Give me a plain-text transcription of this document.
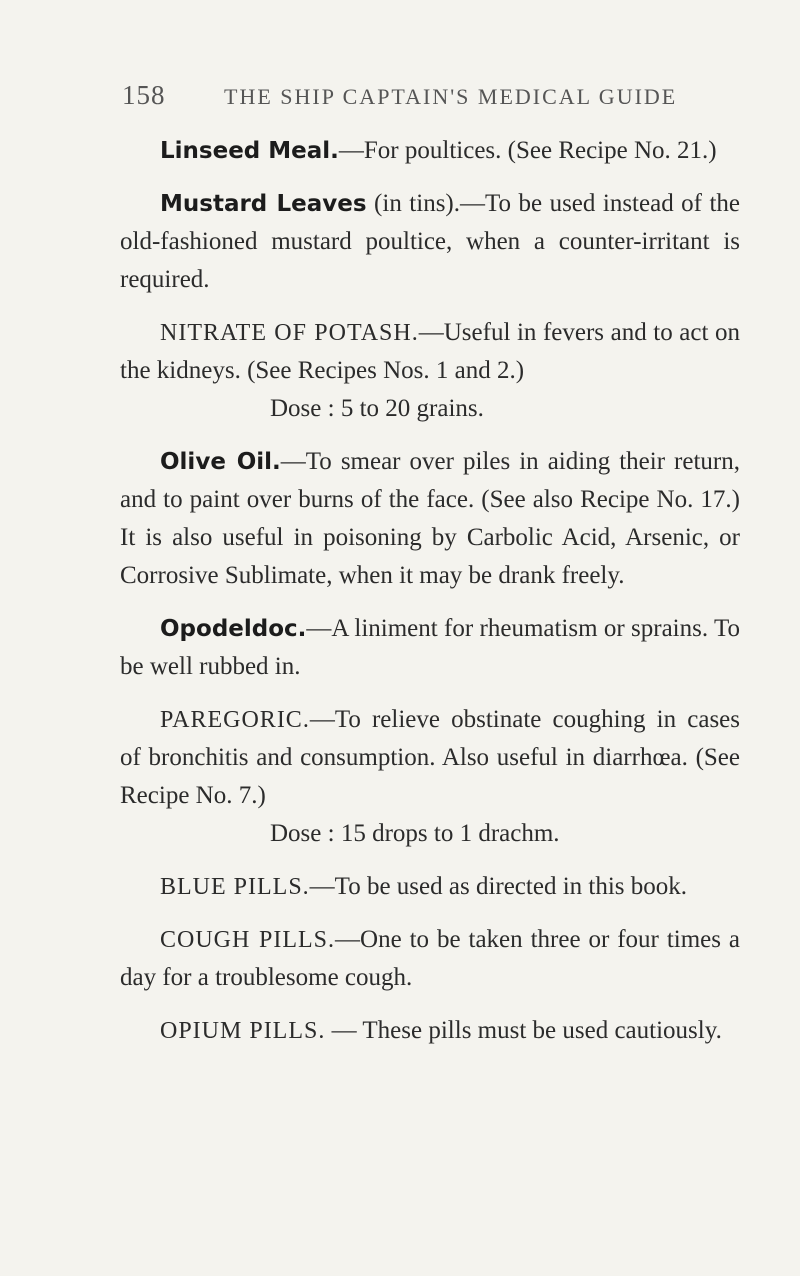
158	THE SHIP CAPTAIN'S MEDICAL GUIDE

Linseed Meal.—For poultices. (See Recipe No. 21.)

Mustard Leaves (in tins).—To be used instead of the old-fashioned mustard poultice, when a counter-irritant is required.

NITRATE OF POTASH.—Useful in fevers and to act on the kidneys. (See Recipes Nos. 1 and 2.)
Dose : 5 to 20 grains.

Olive Oil.—To smear over piles in aiding their return, and to paint over burns of the face. (See also Recipe No. 17.) It is also useful in poisoning by Carbolic Acid, Arsenic, or Corrosive Sublimate, when it may be drank freely.

Opodeldoc.—A liniment for rheumatism or sprains. To be well rubbed in.

PAREGORIC.—To relieve obstinate coughing in cases of bronchitis and consumption. Also useful in diarrhœa. (See Recipe No. 7.)
Dose : 15 drops to 1 drachm.

BLUE PILLS.—To be used as directed in this book.

COUGH PILLS.—One to be taken three or four times a day for a troublesome cough.

OPIUM PILLS. — These pills must be used cautiously.
